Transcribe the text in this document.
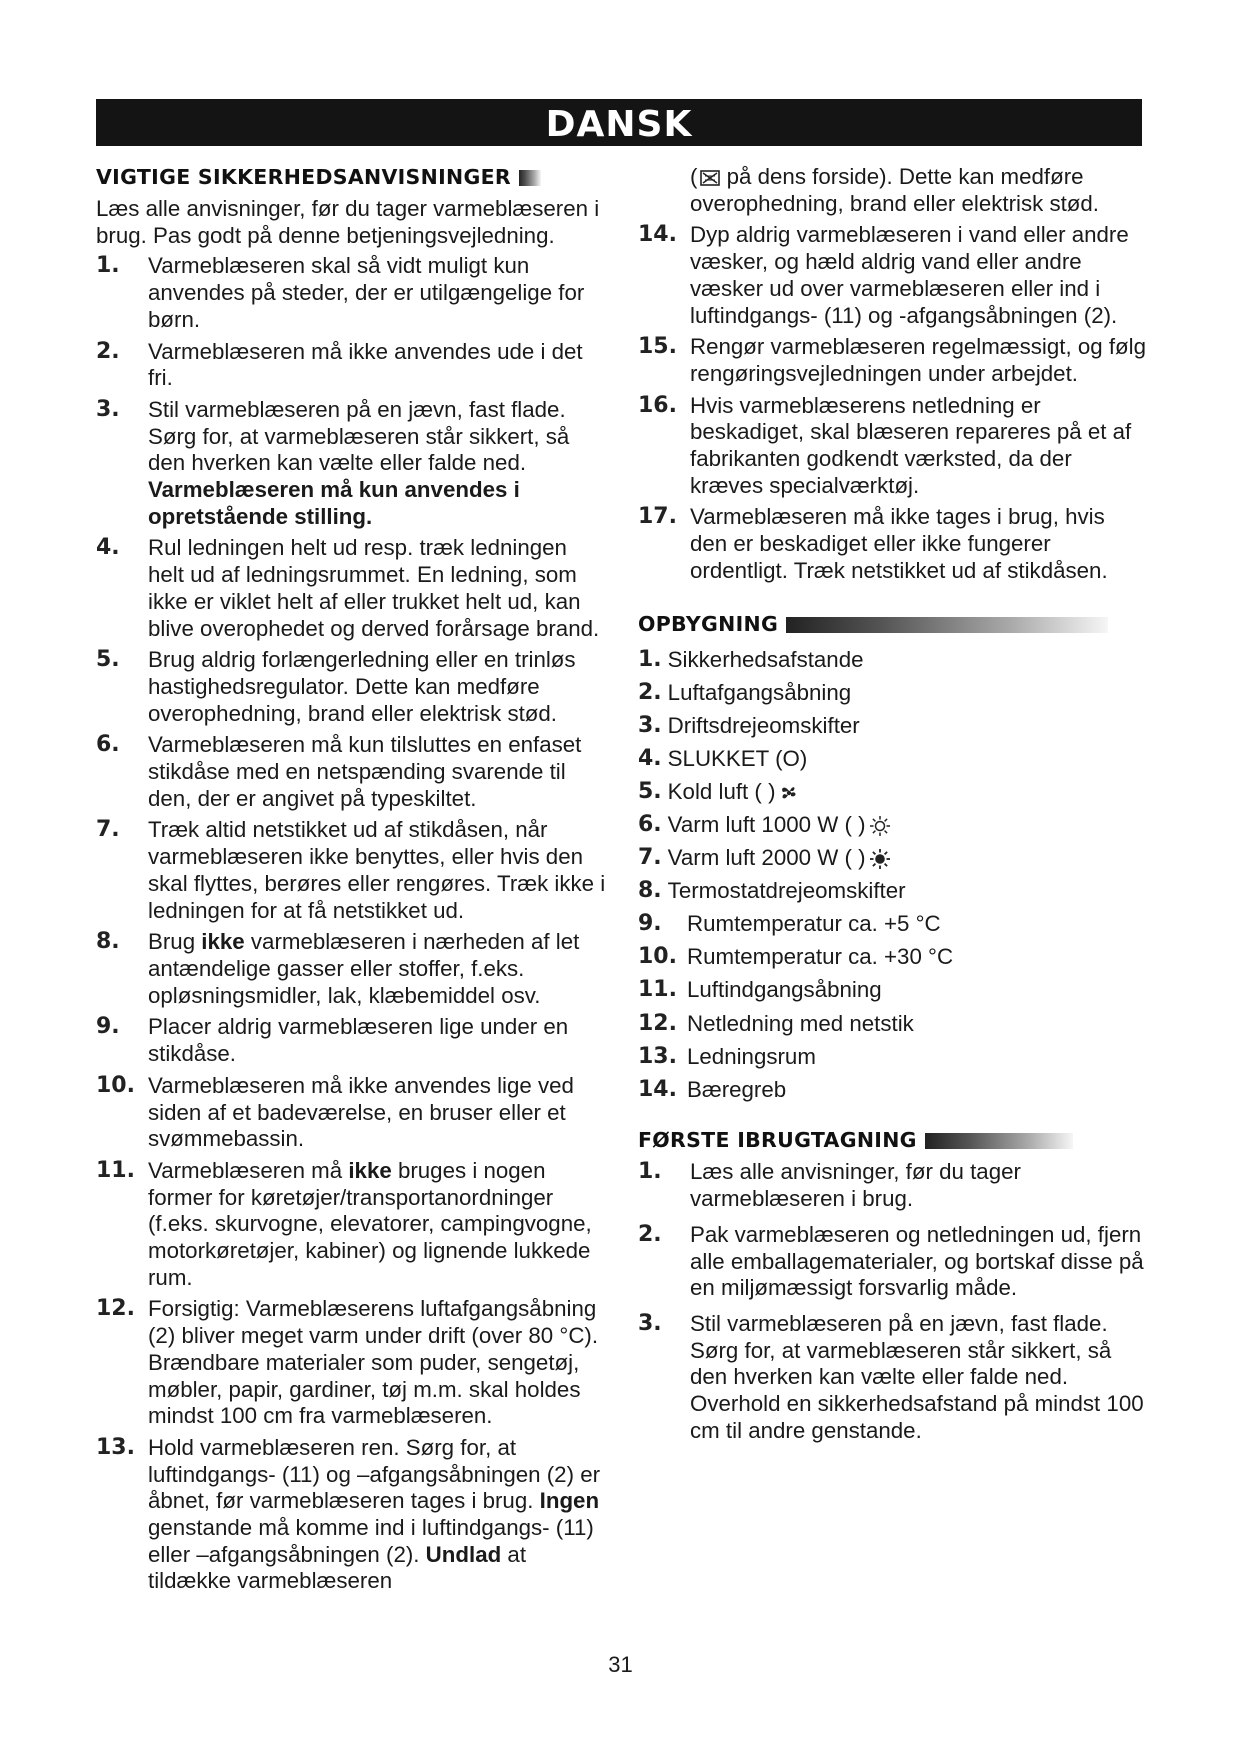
DANSK
VIGTIGE SIKKERHEDSANVISNINGER
Læs alle anvisninger, før du tager varmeblæseren i brug. Pas godt på denne betjeningsvejledning.
1.	Varmeblæseren skal så vidt muligt kun anvendes på steder, der er utilgængelige for børn.
2.	Varmeblæseren må ikke anvendes ude i det fri.
3.	Stil varmeblæseren på en jævn, fast flade. Sørg for, at varmeblæseren står sikkert, så den hverken kan vælte eller falde ned. Varmeblæseren må kun anvendes i opretstående stilling.
4.	Rul ledningen helt ud resp. træk ledningen helt ud af ledningsrummet. En ledning, som ikke er viklet helt af eller trukket helt ud, kan blive overophedet og derved forårsage brand.
5.	Brug aldrig forlængerledning eller en trinløs hastighedsregulator. Dette kan medføre overophedning, brand eller elektrisk stød.
6.	Varmeblæseren må kun tilsluttes en enfaset stikdåse med en netspænding svarende til den, der er angivet på typeskiltet.
7.	Træk altid netstikket ud af stikdåsen, når varmeblæseren ikke benyttes, eller hvis den skal flyttes, berøres eller rengøres. Træk ikke i ledningen for at få netstikket ud.
8.	Brug ikke varmeblæseren i nærheden af let antændelige gasser eller stoffer, f.eks. opløsningsmidler, lak, klæbemiddel osv.
9.	Placer aldrig varmeblæseren lige under en stikdåse.
10. Varmeblæseren må ikke anvendes lige ved siden af et badeværelse, en bruser eller et svømmebassin.
11. Varmeblæseren må ikke bruges i nogen former for køretøjer/transportanordninger (f.eks. skurvogne, elevatorer, campingvogne, motorkøretøjer, kabiner) og lignende lukkede rum.
12. Forsigtig: Varmeblæserens luftafgangsåbning (2) bliver meget varm under drift (over 80 °C). Brændbare materialer som puder, sengetøj, møbler, papir, gardiner, tøj m.m. skal holdes mindst 100 cm fra varmeblæseren.
13. Hold varmeblæseren ren. Sørg for, at luftindgangs- (11) og –afgangsåbningen (2) er åbnet, før varmeblæseren tages i brug. Ingen genstande må komme ind i luftindgangs- (11) eller –afgangsåbningen (2). Undlad at tildække varmeblæseren
( på dens forside). Dette kan medføre overophedning, brand eller elektrisk stød.
14. Dyp aldrig varmeblæseren i vand eller andre væsker, og hæld aldrig vand eller andre væsker ud over varmeblæseren eller ind i luftindgangs- (11) og -afgangsåbningen (2).
15. Rengør varmeblæseren regelmæssigt, og følg rengøringsvejledningen under arbejdet.
16. Hvis varmeblæserens netledning er beskadiget, skal blæseren repareres på et af fabrikanten godkendt værksted, da der kræves specialværktøj.
17. Varmeblæseren må ikke tages i brug, hvis den er beskadiget eller ikke fungerer ordentligt. Træk netstikket ud af stikdåsen.
OPBYGNING
1. Sikkerhedsafstande
2. Luftafgangsåbning
3. Driftsdrejeomskifter
4. SLUKKET (O)
5. Kold luft ( )
6. Varm luft 1000 W ( )
7. Varm luft 2000 W ( )
8. Termostatdrejeomskifter
9.	Rumtemperatur ca. +5 °C
10. Rumtemperatur ca. +30 °C
11. Luftindgangsåbning
12. Netledning med netstik
13. Ledningsrum
14. Bæregreb
FØRSTE IBRUGTAGNING
1.	Læs alle anvisninger, før du tager varmeblæseren i brug.
2.	Pak varmeblæseren og netledningen ud, fjern alle emballagematerialer, og bortskaf disse på en miljømæssigt forsvarlig måde.
3.	Stil varmeblæseren på en jævn, fast flade. Sørg for, at varmeblæseren står sikkert, så den hverken kan vælte eller falde ned. Overhold en sikkerhedsafstand på mindst 100 cm til andre genstande.
31
